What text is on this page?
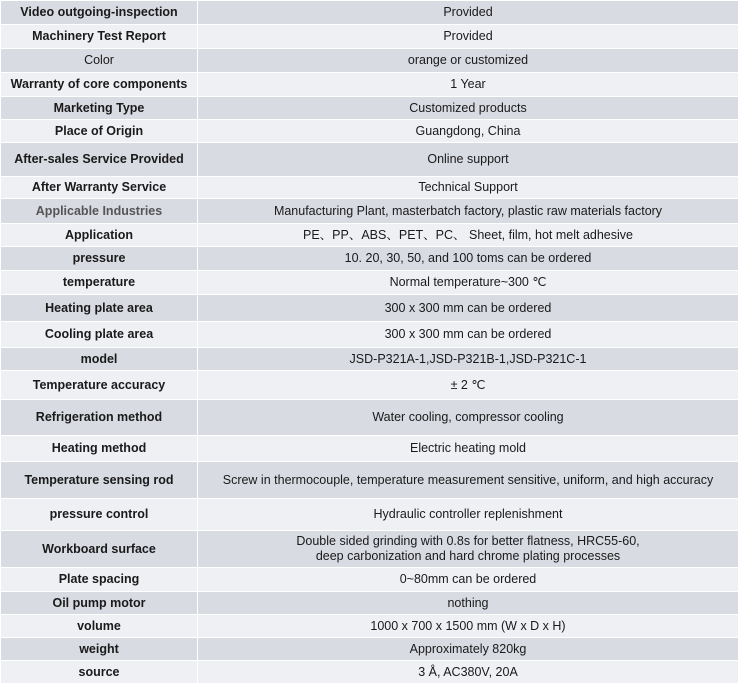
Video outgoing-inspection	Provided
Machinery Test Report	Provided
Color	orange or customized
Warranty of core components	1 Year
Marketing Type	Customized products
Place of Origin	Guangdong, China
After-sales Service Provided	Online support
After Warranty Service	Technical Support
Applicable Industries	Manufacturing Plant, masterbatch factory, plastic raw materials factory
Application	PE、PP、ABS、PET、PC、 Sheet, film, hot melt adhesive
pressure	10. 20, 30, 50, and 100 toms can be ordered
temperature	Normal temperature~300 ℃
Heating plate area	300 x 300 mm can be ordered
Cooling plate area	300 x 300 mm can be ordered
model	JSD-P321A-1,JSD-P321B-1,JSD-P321C-1
Temperature accuracy	± 2 ℃
Refrigeration method	Water cooling, compressor cooling
Heating method	Electric heating mold
Temperature sensing rod	Screw in thermocouple, temperature measurement sensitive, uniform, and high accuracy
pressure control	Hydraulic controller replenishment
Workboard surface	Double sided grinding with 0.8s for better flatness, HRC55-60, deep carbonization and hard chrome plating processes
Plate spacing	0~80mm can be ordered
Oil pump motor	nothing
volume	1000 x 700 x 1500 mm (W x D x H)
weight	Approximately 820kg
source	3 Å, AC380V, 20A
